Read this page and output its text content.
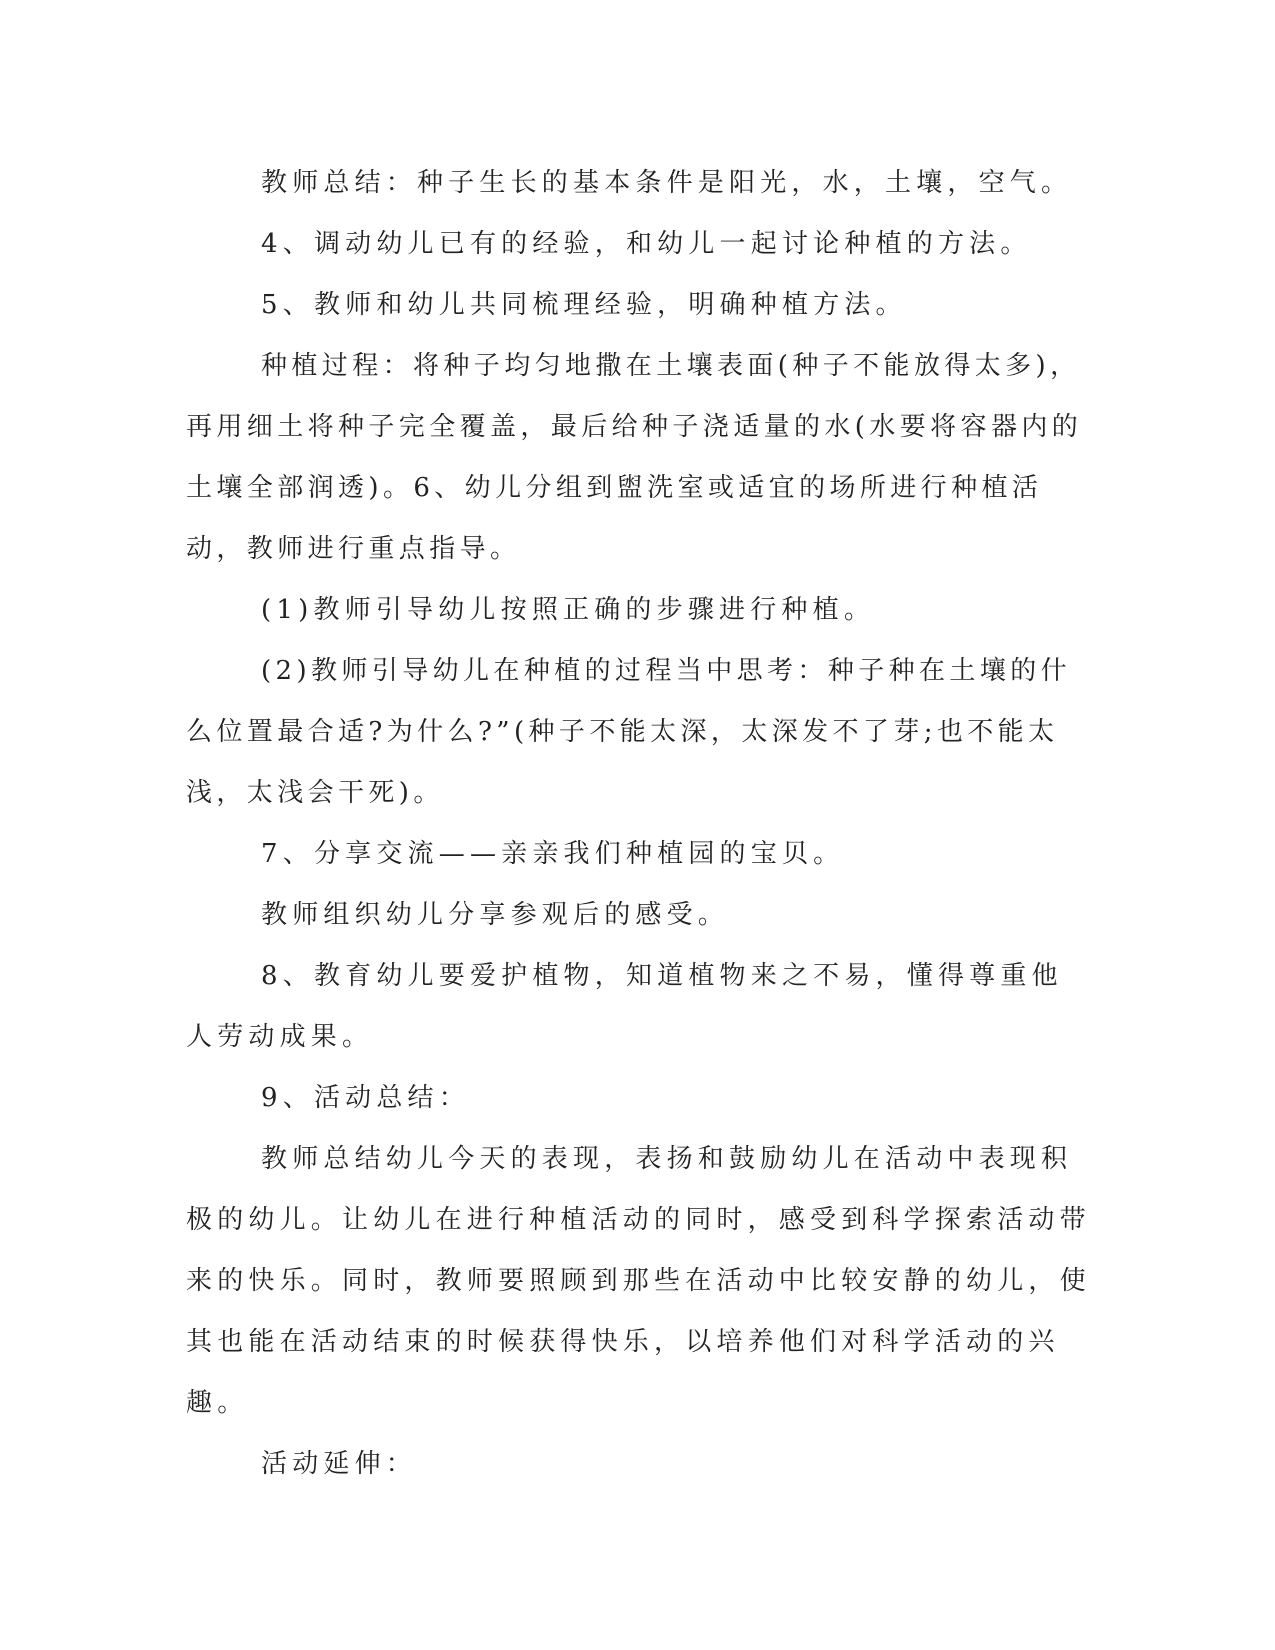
教师总结：种子生长的基本条件是阳光，水，土壤，空气。

4、调动幼儿已有的经验，和幼儿一起讨论种植的方法。

5、教师和幼儿共同梳理经验，明确种植方法。

种植过程：将种子均匀地撒在土壤表面(种子不能放得太多)，再用细土将种子完全覆盖，最后给种子浇适量的水(水要将容器内的土壤全部润透)。6、幼儿分组到盥洗室或适宜的场所进行种植活动，教师进行重点指导。

(1)教师引导幼儿按照正确的步骤进行种植。

(2)教师引导幼儿在种植的过程当中思考：种子种在土壤的什么位置最合适?为什么?”(种子不能太深，太深发不了芽;也不能太浅，太浅会干死)。

7、分享交流——亲亲我们种植园的宝贝。

教师组织幼儿分享参观后的感受。

8、教育幼儿要爱护植物，知道植物来之不易，懂得尊重他人劳动成果。

9、活动总结：

教师总结幼儿今天的表现，表扬和鼓励幼儿在活动中表现积极的幼儿。让幼儿在进行种植活动的同时，感受到科学探索活动带来的快乐。同时，教师要照顾到那些在活动中比较安静的幼儿，使其也能在活动结束的时候获得快乐，以培养他们对科学活动的兴趣。

活动延伸：
